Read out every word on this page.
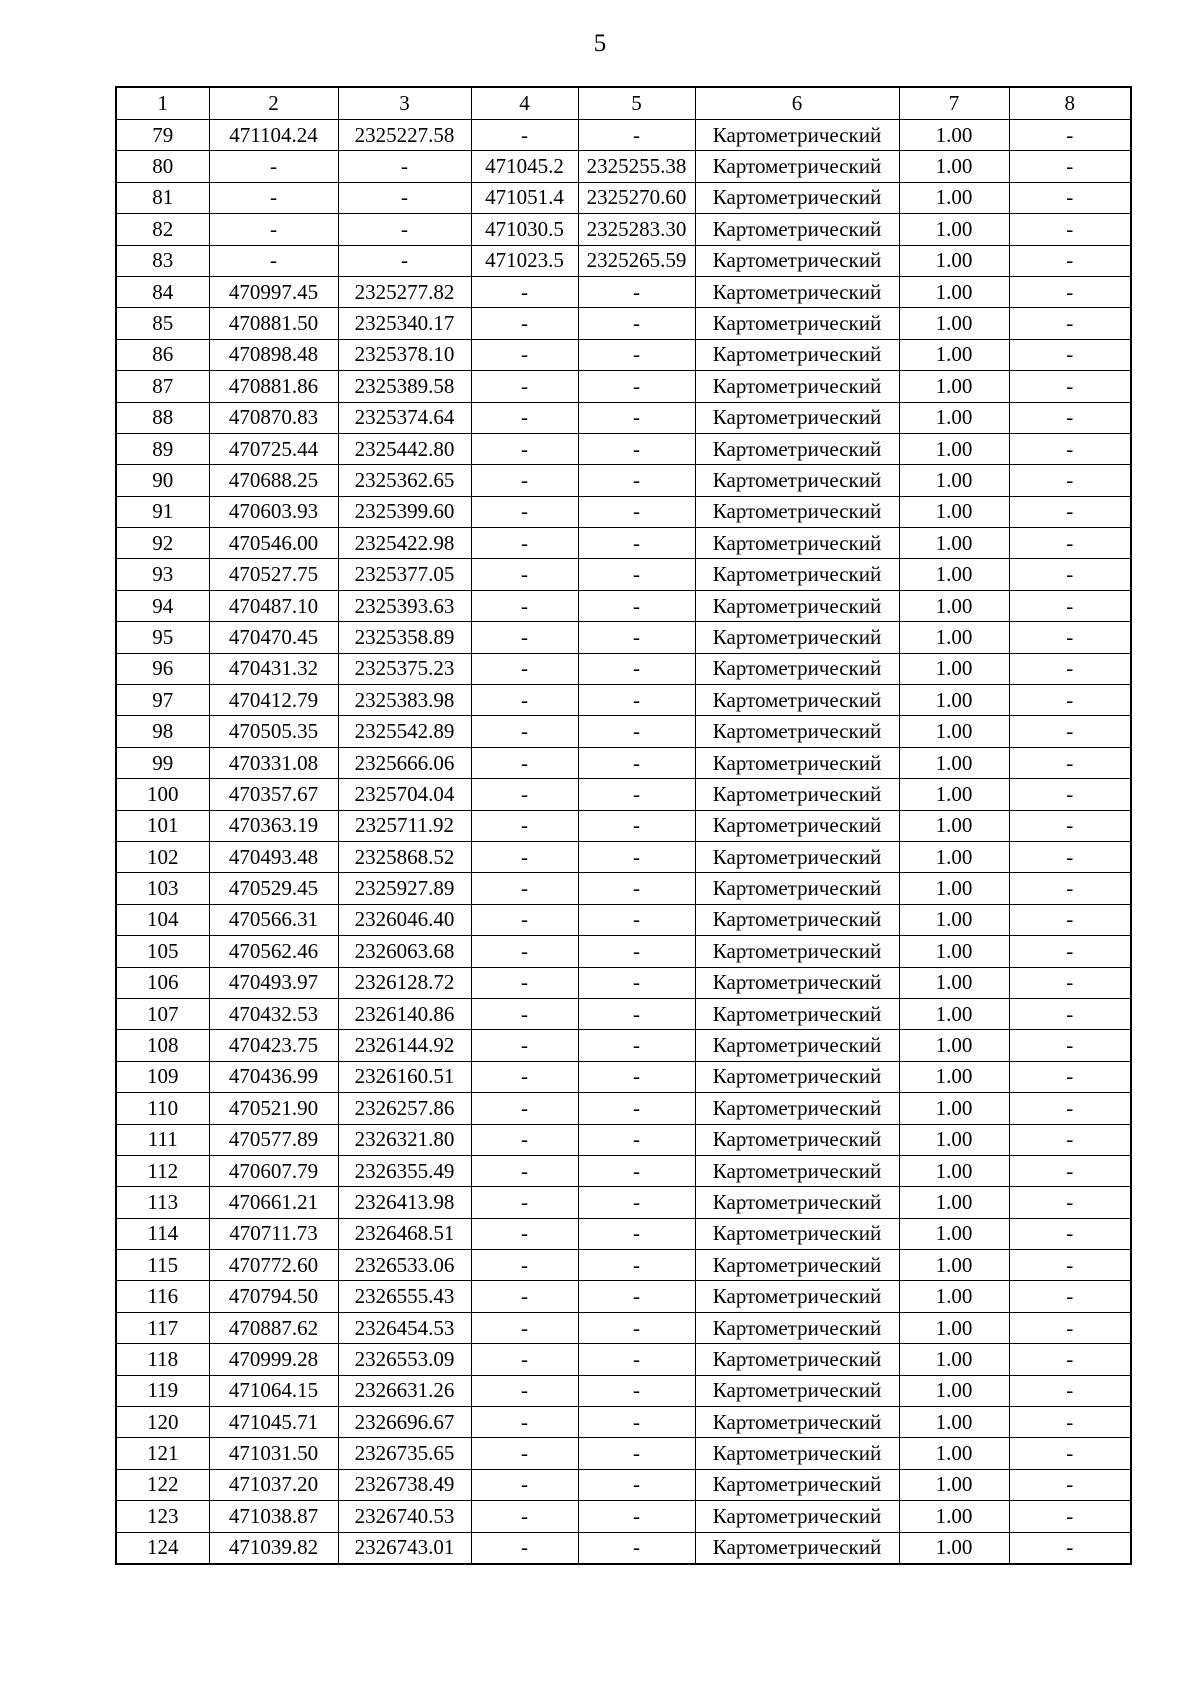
5
1	2	3	4	5	6	7	8
79	471104.24	2325227.58	-	-	Картометрический	1.00	-
80	-	-	471045.2	2325255.38	Картометрический	1.00	-
81	-	-	471051.4	2325270.60	Картометрический	1.00	-
82	-	-	471030.5	2325283.30	Картометрический	1.00	-
83	-	-	471023.5	2325265.59	Картометрический	1.00	-
84	470997.45	2325277.82	-	-	Картометрический	1.00	-
85	470881.50	2325340.17	-	-	Картометрический	1.00	-
86	470898.48	2325378.10	-	-	Картометрический	1.00	-
87	470881.86	2325389.58	-	-	Картометрический	1.00	-
88	470870.83	2325374.64	-	-	Картометрический	1.00	-
89	470725.44	2325442.80	-	-	Картометрический	1.00	-
90	470688.25	2325362.65	-	-	Картометрический	1.00	-
91	470603.93	2325399.60	-	-	Картометрический	1.00	-
92	470546.00	2325422.98	-	-	Картометрический	1.00	-
93	470527.75	2325377.05	-	-	Картометрический	1.00	-
94	470487.10	2325393.63	-	-	Картометрический	1.00	-
95	470470.45	2325358.89	-	-	Картометрический	1.00	-
96	470431.32	2325375.23	-	-	Картометрический	1.00	-
97	470412.79	2325383.98	-	-	Картометрический	1.00	-
98	470505.35	2325542.89	-	-	Картометрический	1.00	-
99	470331.08	2325666.06	-	-	Картометрический	1.00	-
100	470357.67	2325704.04	-	-	Картометрический	1.00	-
101	470363.19	2325711.92	-	-	Картометрический	1.00	-
102	470493.48	2325868.52	-	-	Картометрический	1.00	-
103	470529.45	2325927.89	-	-	Картометрический	1.00	-
104	470566.31	2326046.40	-	-	Картометрический	1.00	-
105	470562.46	2326063.68	-	-	Картометрический	1.00	-
106	470493.97	2326128.72	-	-	Картометрический	1.00	-
107	470432.53	2326140.86	-	-	Картометрический	1.00	-
108	470423.75	2326144.92	-	-	Картометрический	1.00	-
109	470436.99	2326160.51	-	-	Картометрический	1.00	-
110	470521.90	2326257.86	-	-	Картометрический	1.00	-
111	470577.89	2326321.80	-	-	Картометрический	1.00	-
112	470607.79	2326355.49	-	-	Картометрический	1.00	-
113	470661.21	2326413.98	-	-	Картометрический	1.00	-
114	470711.73	2326468.51	-	-	Картометрический	1.00	-
115	470772.60	2326533.06	-	-	Картометрический	1.00	-
116	470794.50	2326555.43	-	-	Картометрический	1.00	-
117	470887.62	2326454.53	-	-	Картометрический	1.00	-
118	470999.28	2326553.09	-	-	Картометрический	1.00	-
119	471064.15	2326631.26	-	-	Картометрический	1.00	-
120	471045.71	2326696.67	-	-	Картометрический	1.00	-
121	471031.50	2326735.65	-	-	Картометрический	1.00	-
122	471037.20	2326738.49	-	-	Картометрический	1.00	-
123	471038.87	2326740.53	-	-	Картометрический	1.00	-
124	471039.82	2326743.01	-	-	Картометрический	1.00	-
